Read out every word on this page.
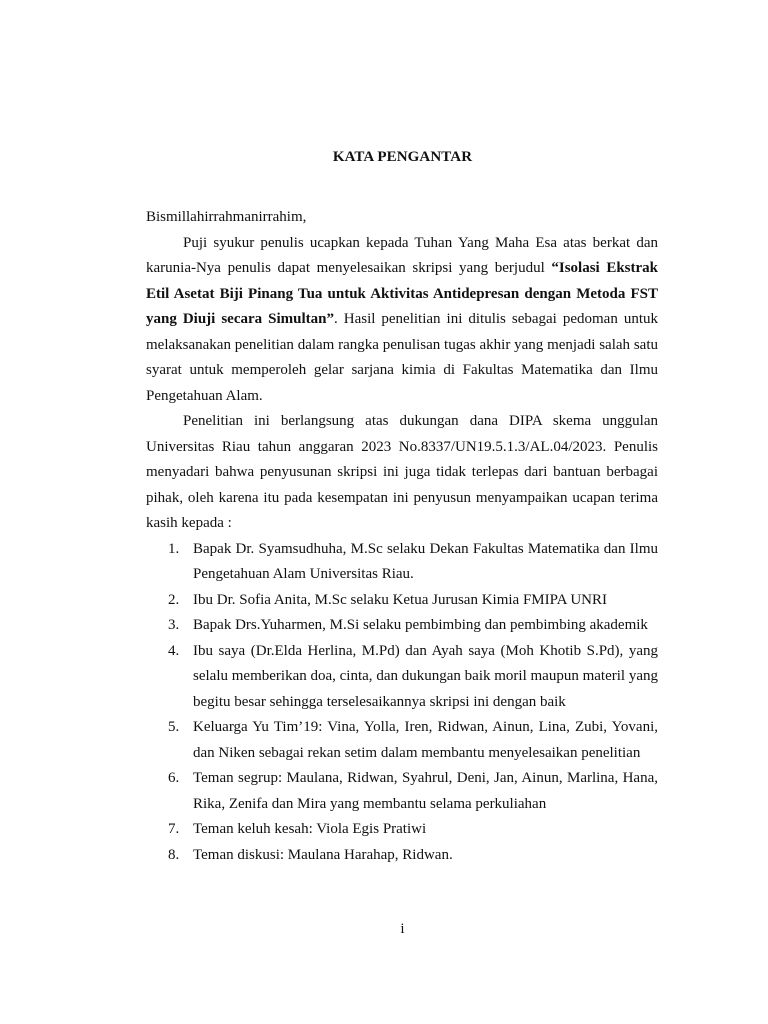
KATA PENGANTAR

Bismillahirrahmanirrahim,

Puji syukur penulis ucapkan kepada Tuhan Yang Maha Esa atas berkat dan karunia-Nya penulis dapat menyelesaikan skripsi yang berjudul “Isolasi Ekstrak Etil Asetat Biji Pinang Tua untuk Aktivitas Antidepresan dengan Metoda FST yang Diuji secara Simultan”. Hasil penelitian ini ditulis sebagai pedoman untuk melaksanakan penelitian dalam rangka penulisan tugas akhir yang menjadi salah satu syarat untuk memperoleh gelar sarjana kimia di Fakultas Matematika dan Ilmu Pengetahuan Alam.

Penelitian ini berlangsung atas dukungan dana DIPA skema unggulan Universitas Riau tahun anggaran 2023 No.8337/UN19.5.1.3/AL.04/2023. Penulis menyadari bahwa penyusunan skripsi ini juga tidak terlepas dari bantuan berbagai pihak, oleh karena itu pada kesempatan ini penyusun menyampaikan ucapan terima kasih kepada :

1. Bapak Dr. Syamsudhuha, M.Sc selaku Dekan Fakultas Matematika dan Ilmu Pengetahuan Alam Universitas Riau.
2. Ibu Dr. Sofia Anita, M.Sc selaku Ketua Jurusan Kimia FMIPA UNRI
3. Bapak Drs.Yuharmen, M.Si selaku pembimbing dan pembimbing akademik
4. Ibu saya (Dr.Elda Herlina, M.Pd) dan Ayah saya (Moh Khotib S.Pd), yang selalu memberikan doa, cinta, dan dukungan baik moril maupun materil yang begitu besar sehingga terselesaikannya skripsi ini dengan baik
5. Keluarga Yu Tim’19: Vina, Yolla, Iren, Ridwan, Ainun, Lina, Zubi, Yovani, dan Niken sebagai rekan setim dalam membantu menyelesaikan penelitian
6. Teman segrup: Maulana, Ridwan, Syahrul, Deni, Jan, Ainun, Marlina, Hana, Rika, Zenifa dan Mira yang membantu selama perkuliahan
7. Teman keluh kesah: Viola Egis Pratiwi
8. Teman diskusi: Maulana Harahap, Ridwan.
i
